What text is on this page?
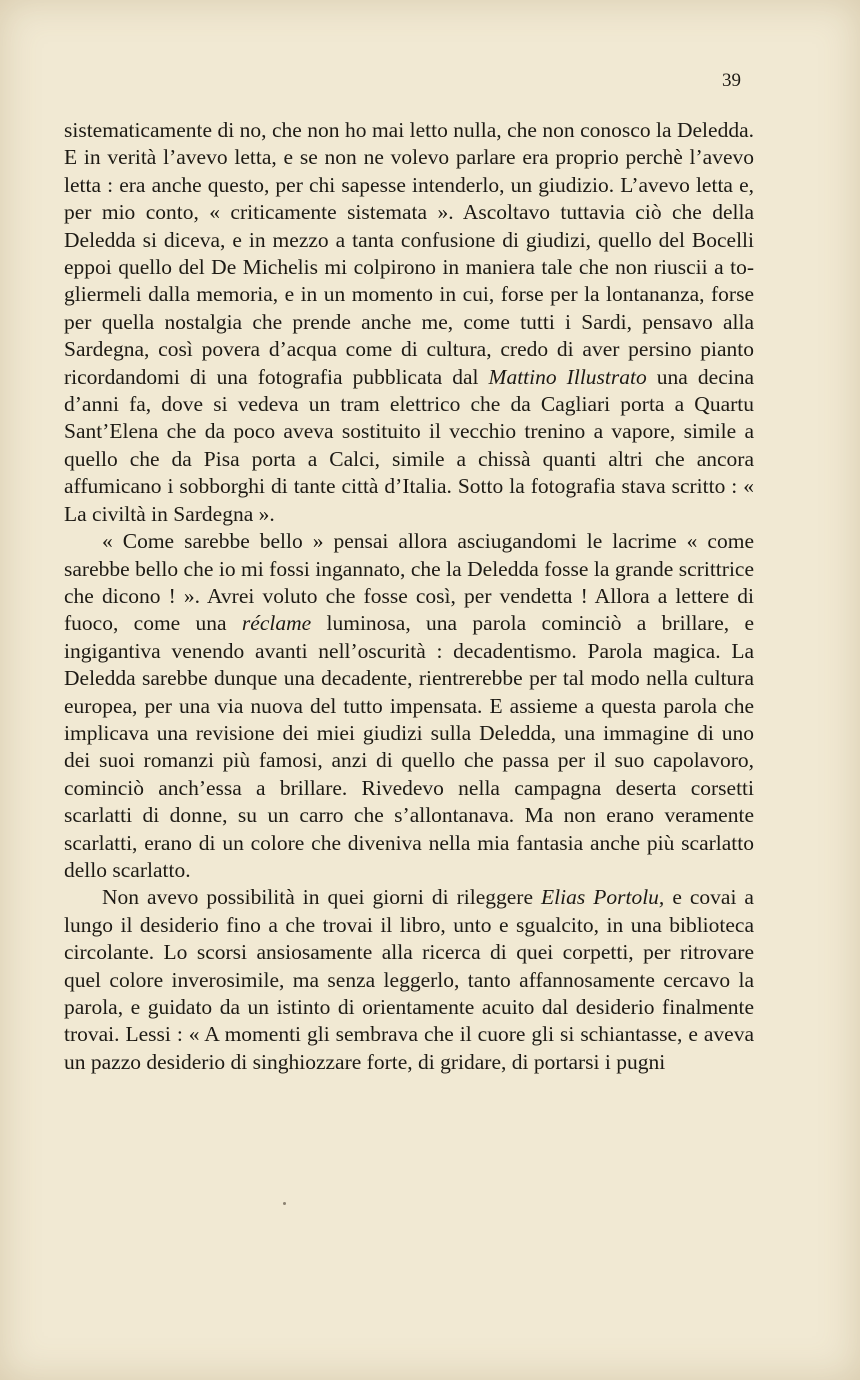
39

sistematicamente di no, che non ho mai letto nulla, che non conosco la Deledda. E in verità l’avevo letta, e se non ne volevo parlare era proprio perchè l’avevo letta : era anche questo, per chi sapesse intenderlo, un giudizio. L’avevo letta e, per mio conto, « criticamente sistemata ». Ascoltavo tuttavia ciò che della Deledda si diceva, e in mezzo a tanta confusione di giudizi, quello del Bocelli eppoi quello del De Michelis mi colpirono in maniera tale che non riuscii a togliermeli dalla memoria, e in un momento in cui, forse per la lontananza, forse per quella nostalgia che prende anche me, come tutti i Sardi, pensavo alla Sardegna, così povera d’acqua come di cultura, credo di aver persino pianto ricordandomi di una fotografia pubblicata dal Mattino Illustrato una decina d’anni fa, dove si vedeva un tram elettrico che da Cagliari porta a Quartu Sant’Elena che da poco aveva sostituito il vecchio trenino a vapore, simile a quello che da Pisa porta a Calci, simile a chissà quanti altri che ancora affumicano i sobborghi di tante città d’Italia. Sotto la fotografia stava scritto : « La civiltà in Sardegna ».

« Come sarebbe bello » pensai allora asciugandomi le lacrime « come sarebbe bello che io mi fossi ingannato, che la Deledda fosse la grande scrittrice che dicono ! ». Avrei voluto che fosse così, per vendetta ! Allora a lettere di fuoco, come una réclame luminosa, una parola cominciò a brillare, e ingigantiva venendo avanti nell’oscurità : decadentismo. Parola magica. La Deledda sarebbe dunque una decadente, rientrerebbe per tal modo nella cultura europea, per una via nuova del tutto impensata. E assieme a questa parola che implicava una revisione dei miei giudizi sulla Deledda, una immagine di uno dei suoi romanzi più famosi, anzi di quello che passa per il suo capolavoro, cominciò anch’essa a brillare. Rivedevo nella campagna deserta corsetti scarlatti di donne, su un carro che s’allontanava. Ma non erano veramente scarlatti, erano di un colore che diveniva nella mia fantasia anche più scarlatto dello scarlatto.

Non avevo possibilità in quei giorni di rileggere Elias Portolu, e covai a lungo il desiderio fino a che trovai il libro, unto e sgualcito, in una biblioteca circolante. Lo scorsi ansiosamente alla ricerca di quei corpetti, per ritrovare quel colore inverosimile, ma senza leggerlo, tanto affannosamente cercavo la parola, e guidato da un istinto di orientamente acuito dal desiderio finalmente trovai. Lessi : « A momenti gli sembrava che il cuore gli si schiantasse, e aveva un pazzo desiderio di singhiozzare forte, di gridare, di portarsi i pugni
